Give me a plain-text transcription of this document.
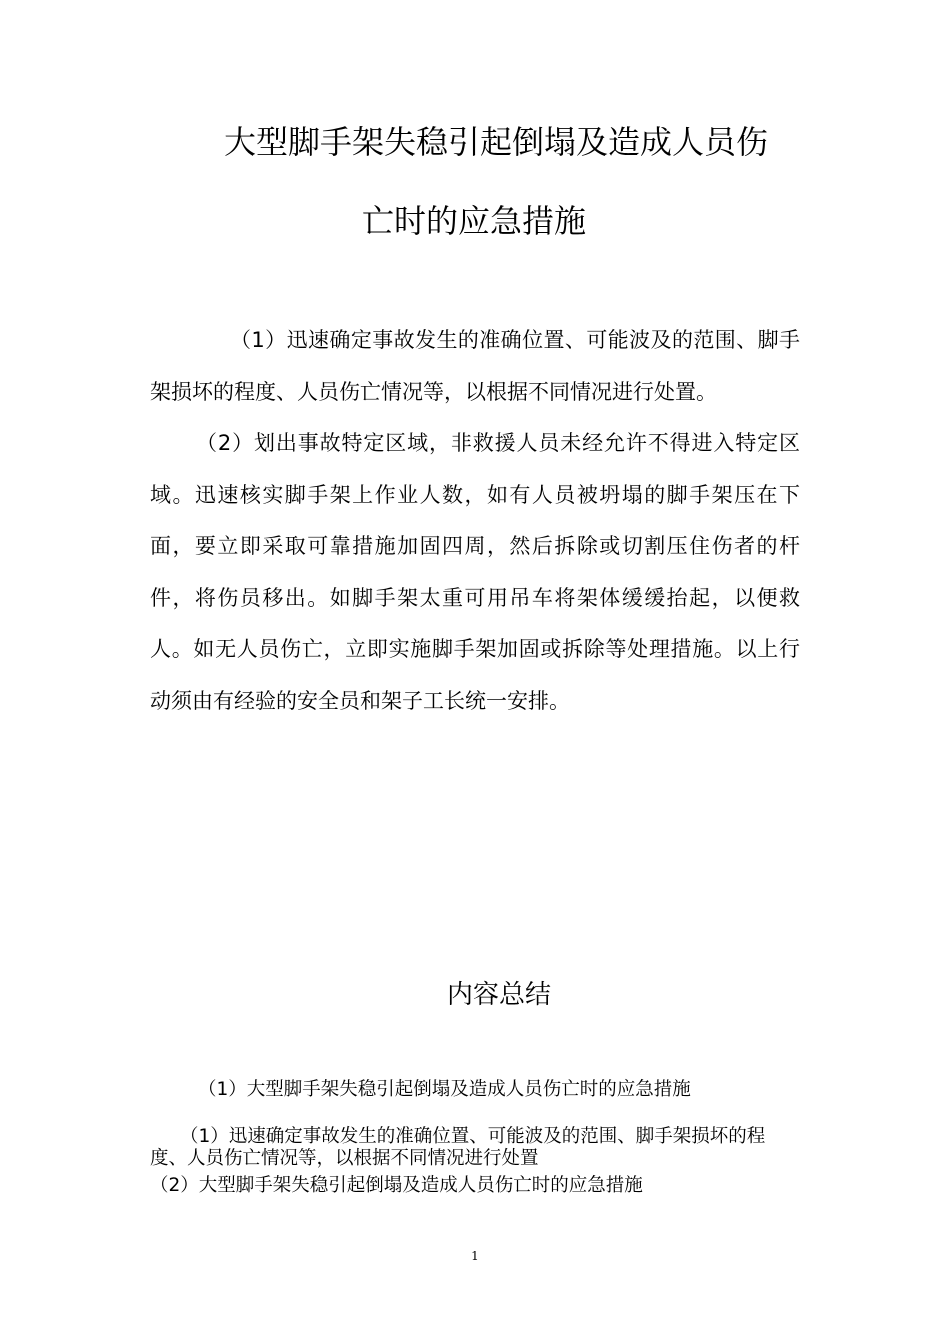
大型脚手架失稳引起倒塌及造成人员伤
亡时的应急措施

（1）迅速确定事故发生的准确位置、可能波及的范围、脚手架损坏的程度、人员伤亡情况等，以根据不同情况进行处置。

（2）划出事故特定区域，非救援人员未经允许不得进入特定区域。迅速核实脚手架上作业人数，如有人员被坍塌的脚手架压在下面，要立即采取可靠措施加固四周，然后拆除或切割压住伤者的杆件，将伤员移出。如脚手架太重可用吊车将架体缓缓抬起，以便救人。如无人员伤亡，立即实施脚手架加固或拆除等处理措施。以上行动须由有经验的安全员和架子工长统一安排。

内容总结

（1）大型脚手架失稳引起倒塌及造成人员伤亡时的应急措施

（1）迅速确定事故发生的准确位置、可能波及的范围、脚手架损坏的程度、人员伤亡情况等，以根据不同情况进行处置

（2）大型脚手架失稳引起倒塌及造成人员伤亡时的应急措施

1
